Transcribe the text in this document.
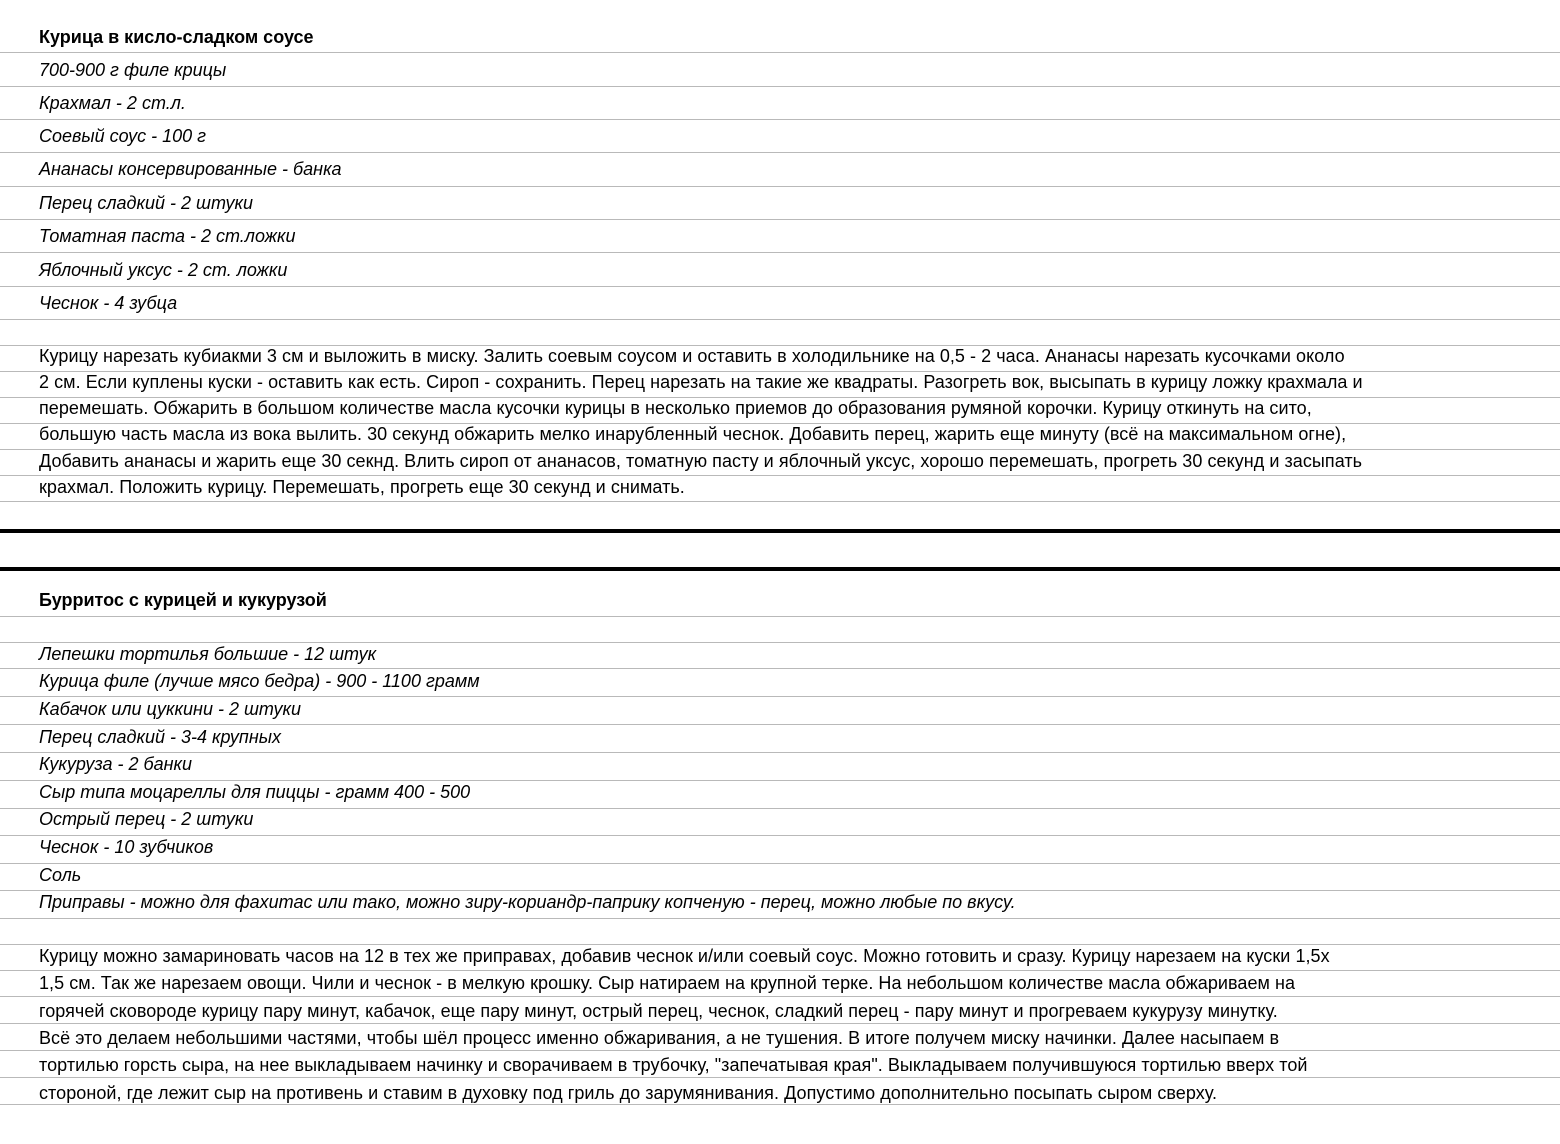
Курица в кисло-сладком соусе
700-900 г филе крицы
Крахмал - 2 ст.л.
Соевый соус - 100 г
Ананасы консервированные - банка
Перец сладкий - 2 штуки
Томатная паста - 2 ст.ложки
Яблочный уксус - 2 ст. ложки
Чеснок - 4 зубца
Курицу нарезать кубиакми 3 см и выложить в миску. Залить соевым соусом и оставить в холодильнике на 0,5 - 2 часа. Ананасы нарезать кусочками около
2 см. Если куплены куски - оставить как есть. Сироп - сохранить. Перец нарезать на такие же квадраты. Разогреть вок, высыпать в курицу ложку крахмала и
перемешать. Обжарить в большом количестве масла кусочки курицы в несколько приемов до образования румяной корочки. Курицу откинуть на сито,
большую часть масла из вока вылить. 30 секунд обжарить мелко инарубленный чеснок. Добавить перец, жарить еще минуту (всё на максимальном огне),
Добавить ананасы и жарить еще 30 секнд. Влить сироп от ананасов, томатную пасту и яблочный уксус, хорошо перемешать, прогреть 30 секунд и засыпать
крахмал. Положить курицу. Перемешать, прогреть еще 30 секунд и снимать.
Бурритос с курицей и кукурузой
Лепешки тортилья большие - 12 штук
Курица филе (лучше мясо бедра) - 900 - 1100 грамм
Кабачок или цуккини - 2 штуки
Перец сладкий - 3-4 крупных
Кукуруза - 2 банки
Сыр типа моцареллы для пиццы - грамм 400 - 500
Острый перец - 2 штуки
Чеснок - 10 зубчиков
Соль
Приправы - можно для фахитас или тако, можно зиру-кориандр-паприку копченую - перец, можно любые по вкусу.
Курицу можно замариновать часов на 12 в тех же приправах, добавив чеснок и/или соевый соус. Можно готовить и сразу. Курицу нарезаем на куски 1,5х
1,5 см. Так же нарезаем овощи. Чили и чеснок - в мелкую крошку. Сыр натираем на крупной терке. На небольшом количестве масла обжариваем на
горячей сковороде курицу пару минут, кабачок, еще пару минут, острый перец, чеснок, сладкий перец - пару минут и прогреваем кукурузу минутку.
Всё это делаем небольшими частями, чтобы шёл процесс именно обжаривания, а не тушения. В итоге получем миску начинки. Далее насыпаем в
тортилью горсть сыра, на нее выкладываем начинку и сворачиваем в трубочку, "запечатывая края". Выкладываем получившуюся тортилью вверх той
стороной, где лежит сыр на противень и ставим в духовку под гриль до зарумянивания. Допустимо дополнительно посыпать сыром сверху.
